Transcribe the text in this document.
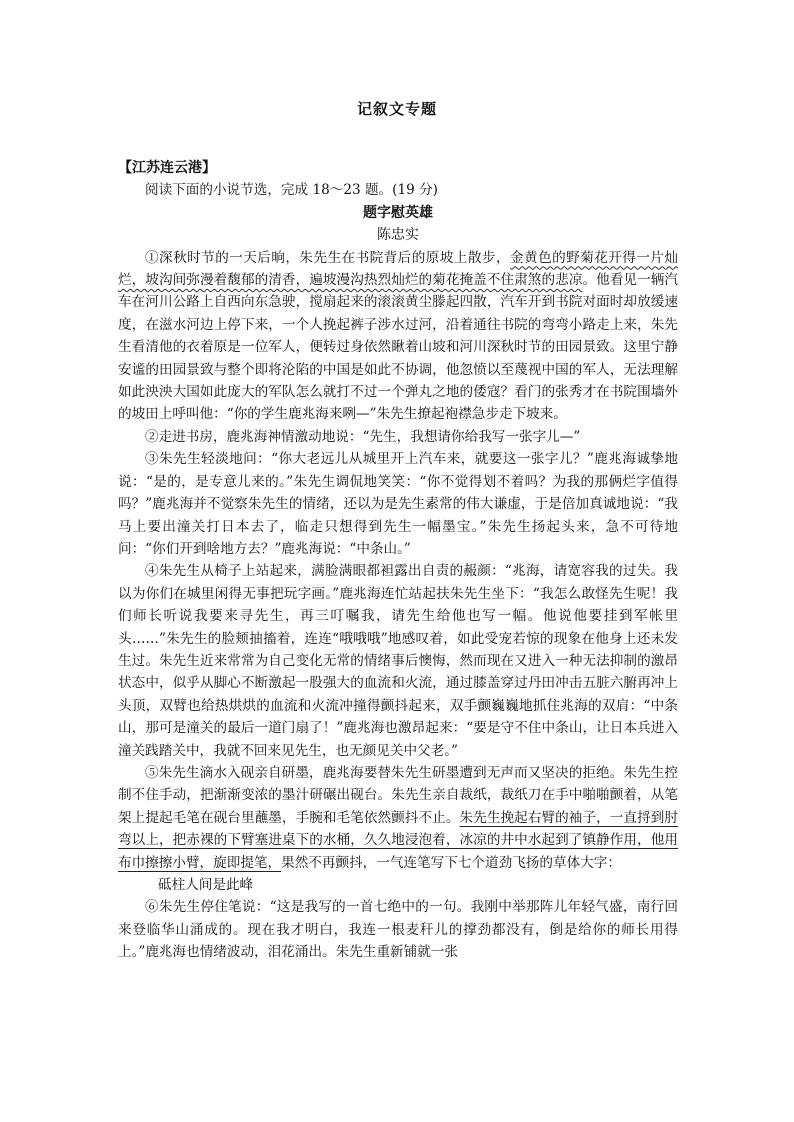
记叙文专题

【江苏连云港】

阅读下面的小说节选，完成 18～23 题。(19 分)

题字慰英雄

陈忠实

①深秋时节的一天后晌，朱先生在书院背后的原坡上散步，金黄色的野菊花开得一片灿烂，坡沟间弥漫着馥郁的清香，遍坡漫沟热烈灿烂的菊花掩盖不住肃煞的悲凉。他看见一辆汽车在河川公路上自西向东急驶，搅扇起来的滚滚黄尘滕起四散，汽车开到书院对面时却放缓速度，在滋水河边上停下来，一个人挽起裤子涉水过河，沿着通往书院的弯弯小路走上来，朱先生看清他的衣着原是一位军人，便转过身依然瞅着山坡和河川深秋时节的田园景致。这里宁静安谧的田园景致与整个即将沦陷的中国是如此不协调，他忽愤以至蔑视中国的军人，无法理解如此泱泱大国如此庞大的军队怎么就打不过一个弹丸之地的倭寇？看门的张秀才在书院围墙外的坡田上呼叫他：“你的学生鹿兆海来咧—”朱先生撩起袍襟急步走下坡来。

②走进书房，鹿兆海神情激动地说：“先生，我想请你给我写一张字儿—”

③朱先生轻淡地问：“你大老远儿从城里开上汽车来，就要这一张字儿？”鹿兆海诚挚地说：“是的，是专意儿来的。”朱先生调侃地笑笑：“你不觉得划不着吗？为我的那俩烂字值得吗？”鹿兆海并不觉察朱先生的情绪，还以为是先生素常的伟大谦虚，于是倍加真诚地说：“我马上要出潼关打日本去了，临走只想得到先生一幅墨宝。”朱先生扬起头来，急不可待地问：“你们开到啥地方去？”鹿兆海说：“中条山。”

④朱先生从椅子上站起来，满脸满眼都袒露出自责的赧颜：“兆海，请宽容我的过失。我以为你们在城里闲得无事把玩字画。”鹿兆海连忙站起扶朱先生坐下：“我怎么敢怪先生呢！我们师长听说我要来寻先生，再三叮嘱我，请先生给他也写一幅。他说他要挂到军帐里头……”朱先生的脸颊抽搐着，连连“哦哦哦”地感叹着，如此受宠若惊的现象在他身上还未发生过。朱先生近来常常为自己变化无常的情绪事后懊悔，然而现在又进入一种无法抑制的激昂状态中，似乎从脚心不断激起一股强大的血流和火流，通过膝盖穿过丹田冲击五脏六腑再冲上头顶，双臂也给热烘烘的血流和火流冲撞得颤抖起来，双手颤巍巍地抓住兆海的双肩：“中条山，那可是潼关的最后一道门扇了！”鹿兆海也激昂起来：“要是守不住中条山，让日本兵进入潼关践踏关中，我就不回来见先生，也无颜见关中父老。”

⑤朱先生滴水入砚亲自研墨，鹿兆海要替朱先生研墨遭到无声而又坚决的拒绝。朱先生控制不住手动，把渐渐变浓的墨汁研碾出砚台。朱先生亲自裁纸，裁纸刀在手中啪啪颤着，从笔架上提起毛笔在砚台里蘸墨，手腕和毛笔依然颤抖不止。朱先生挽起右臂的袖子，一直捋到肘弯以上，把赤裸的下臂塞进桌下的水桶，久久地浸泡着，冰凉的井中水起到了镇静作用，他用布巾擦擦小臂，旋即提笔，果然不再颤抖，一气连笔写下七个道劲飞扬的草体大字：

砥柱人间是此峰

⑥朱先生停住笔说：“这是我写的一首七绝中的一句。我刚中举那阵儿年轻气盛，南行回来登临华山涌成的。现在我才明白，我连一根麦秆儿的撑劲都没有，倒是给你的师长用得上。”鹿兆海也情绪波动，泪花涌出。朱先生重新铺就一张
